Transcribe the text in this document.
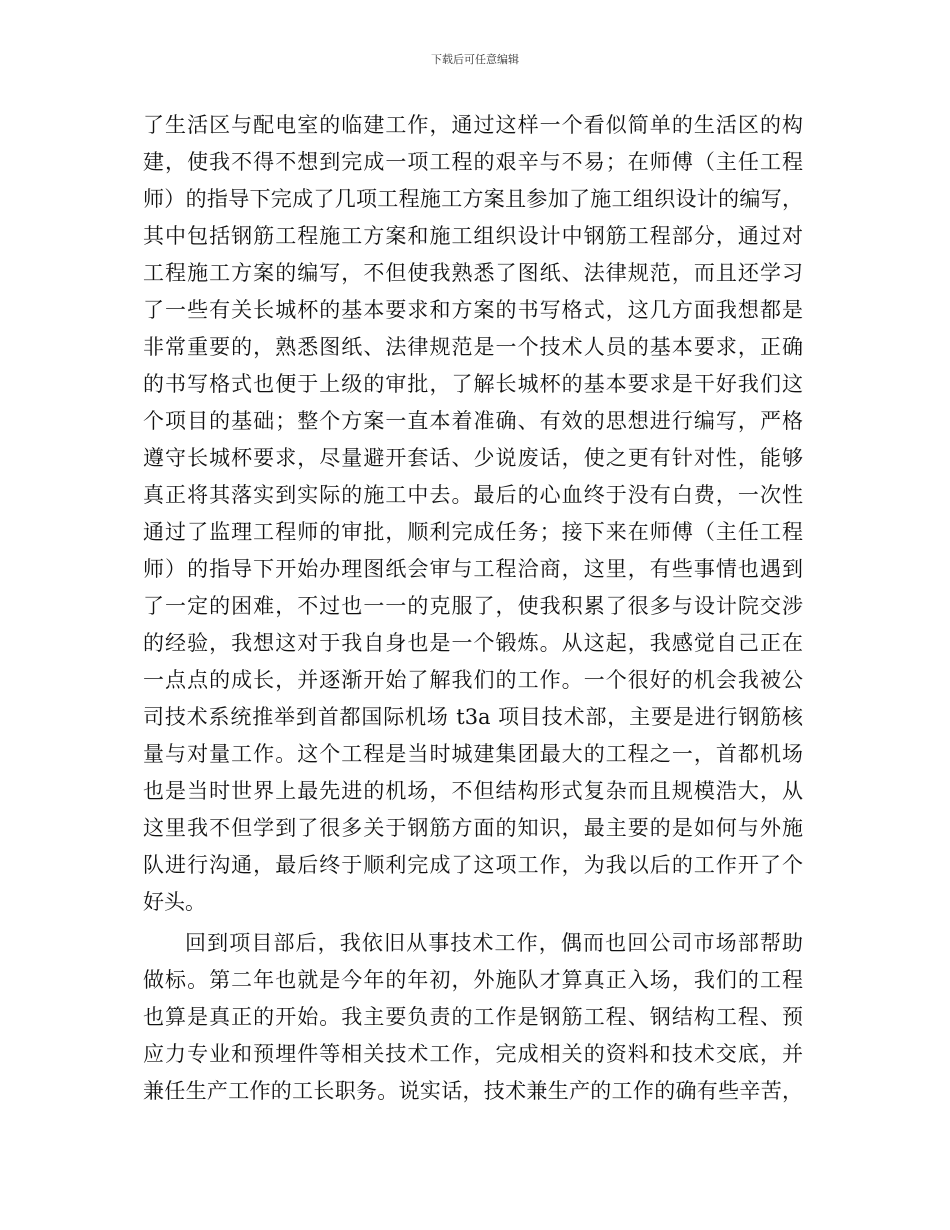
下载后可任意编辑
了生活区与配电室的临建工作，通过这样一个看似简单的生活区的构
建，使我不得不想到完成一项工程的艰辛与不易；在师傅（主任工程
师）的指导下完成了几项工程施工方案且参加了施工组织设计的编写，
其中包括钢筋工程施工方案和施工组织设计中钢筋工程部分，通过对
工程施工方案的编写，不但使我熟悉了图纸、法律规范，而且还学习
了一些有关长城杯的基本要求和方案的书写格式，这几方面我想都是
非常重要的，熟悉图纸、法律规范是一个技术人员的基本要求，正确
的书写格式也便于上级的审批，了解长城杯的基本要求是干好我们这
个项目的基础；整个方案一直本着准确、有效的思想进行编写，严格
遵守长城杯要求，尽量避开套话、少说废话，使之更有针对性，能够
真正将其落实到实际的施工中去。最后的心血终于没有白费，一次性
通过了监理工程师的审批，顺利完成任务；接下来在师傅（主任工程
师）的指导下开始办理图纸会审与工程洽商，这里，有些事情也遇到
了一定的困难，不过也一一的克服了，使我积累了很多与设计院交涉
的经验，我想这对于我自身也是一个锻炼。从这起，我感觉自己正在
一点点的成长，并逐渐开始了解我们的工作。一个很好的机会我被公
司技术系统推举到首都国际机场 t3a 项目技术部，主要是进行钢筋核
量与对量工作。这个工程是当时城建集团最大的工程之一，首都机场
也是当时世界上最先进的机场，不但结构形式复杂而且规模浩大，从
这里我不但学到了很多关于钢筋方面的知识，最主要的是如何与外施
队进行沟通，最后终于顺利完成了这项工作，为我以后的工作开了个
好头。
回到项目部后，我依旧从事技术工作，偶而也回公司市场部帮助
做标。第二年也就是今年的年初，外施队才算真正入场，我们的工程
也算是真正的开始。我主要负责的工作是钢筋工程、钢结构工程、预
应力专业和预埋件等相关技术工作，完成相关的资料和技术交底，并
兼任生产工作的工长职务。说实话，技术兼生产的工作的确有些辛苦，
